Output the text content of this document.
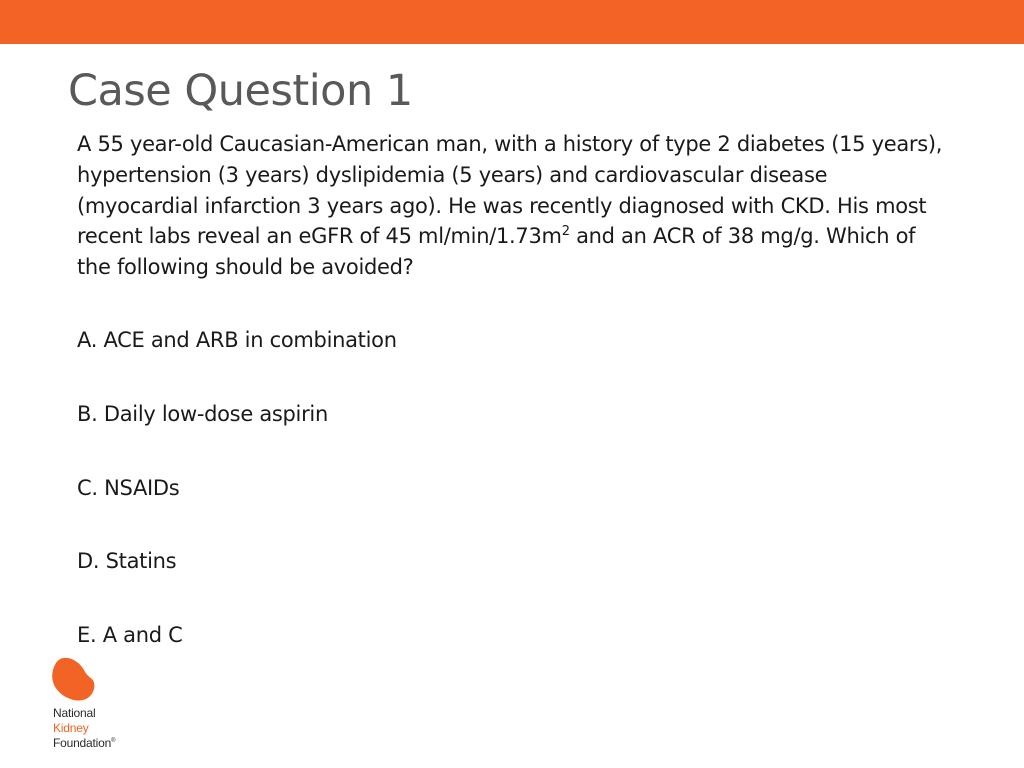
Case Question 1

A 55 year-old Caucasian-American man, with a history of type 2 diabetes (15 years), hypertension (3 years) dyslipidemia (5 years) and cardiovascular disease (myocardial infarction 3 years ago). He was recently diagnosed with CKD. His most recent labs reveal an eGFR of 45 $ml/\min/1.73m^2$ and an ACR of 38 mg/g. Which of the following should be avoided?

A. ACE and ARB in combination
B. Daily low-dose aspirin
C. NSAIDs
D. Statins
E. A and C
National
Kidney
Foundation®
